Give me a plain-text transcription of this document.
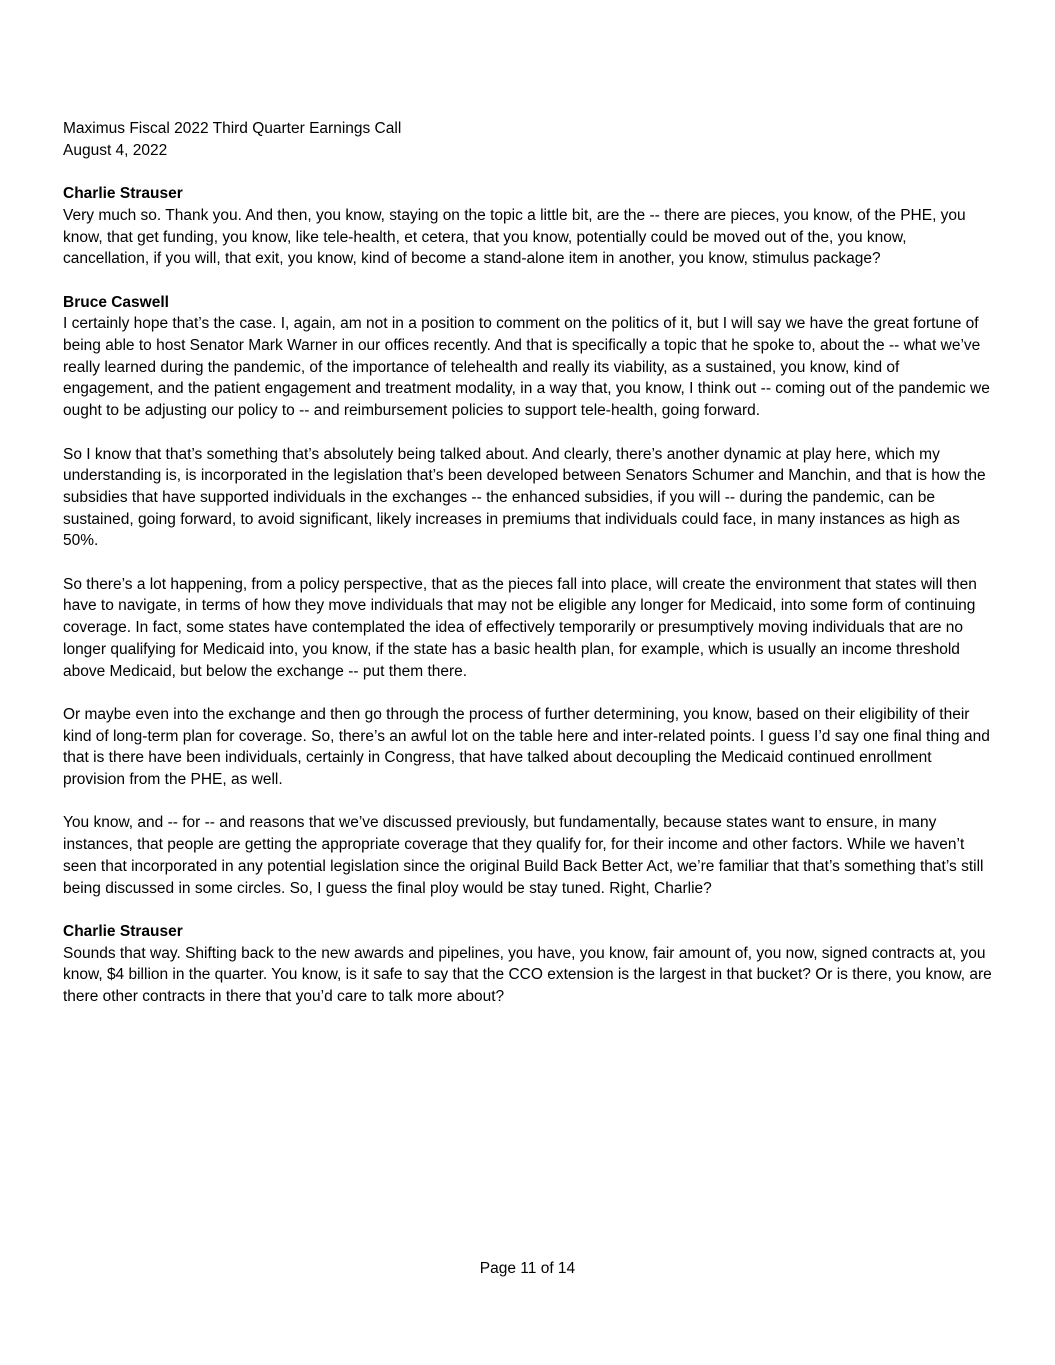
Maximus Fiscal 2022 Third Quarter Earnings Call
August 4, 2022
Charlie Strauser

Very much so. Thank you. And then, you know, staying on the topic a little bit, are the -- there are pieces, you know, of the PHE, you know, that get funding, you know, like tele-health, et cetera, that you know, potentially could be moved out of the, you know, cancellation, if you will, that exit, you know, kind of become a stand-alone item in another, you know, stimulus package?

Bruce Caswell

I certainly hope that’s the case. I, again, am not in a position to comment on the politics of it, but I will say we have the great fortune of being able to host Senator Mark Warner in our offices recently. And that is specifically a topic that he spoke to, about the -- what we’ve really learned during the pandemic, of the importance of telehealth and really its viability, as a sustained, you know, kind of engagement, and the patient engagement and treatment modality, in a way that, you know, I think out -- coming out of the pandemic we ought to be adjusting our policy to -- and reimbursement policies to support tele-health, going forward.

So I know that that’s something that’s absolutely being talked about. And clearly, there’s another dynamic at play here, which my understanding is, is incorporated in the legislation that’s been developed between Senators Schumer and Manchin, and that is how the subsidies that have supported individuals in the exchanges -- the enhanced subsidies, if you will -- during the pandemic, can be sustained, going forward, to avoid significant, likely increases in premiums that individuals could face, in many instances as high as 50%.

So there’s a lot happening, from a policy perspective, that as the pieces fall into place, will create the environment that states will then have to navigate, in terms of how they move individuals that may not be eligible any longer for Medicaid, into some form of continuing coverage. In fact, some states have contemplated the idea of effectively temporarily or presumptively moving individuals that are no longer qualifying for Medicaid into, you know, if the state has a basic health plan, for example, which is usually an income threshold above Medicaid, but below the exchange -- put them there.

Or maybe even into the exchange and then go through the process of further determining, you know, based on their eligibility of their kind of long-term plan for coverage. So, there’s an awful lot on the table here and inter-related points. I guess I’d say one final thing and that is there have been individuals, certainly in Congress, that have talked about decoupling the Medicaid continued enrollment provision from the PHE, as well.

You know, and -- for -- and reasons that we’ve discussed previously, but fundamentally, because states want to ensure, in many instances, that people are getting the appropriate coverage that they qualify for, for their income and other factors. While we haven’t seen that incorporated in any potential legislation since the original Build Back Better Act, we’re familiar that that’s something that’s still being discussed in some circles. So, I guess the final ploy would be stay tuned. Right, Charlie?

Charlie Strauser

Sounds that way. Shifting back to the new awards and pipelines, you have, you know, fair amount of, you now, signed contracts at, you know, $4 billion in the quarter. You know, is it safe to say that the CCO extension is the largest in that bucket? Or is there, you know, are there other contracts in there that you’d care to talk more about?

Page 11 of 14
